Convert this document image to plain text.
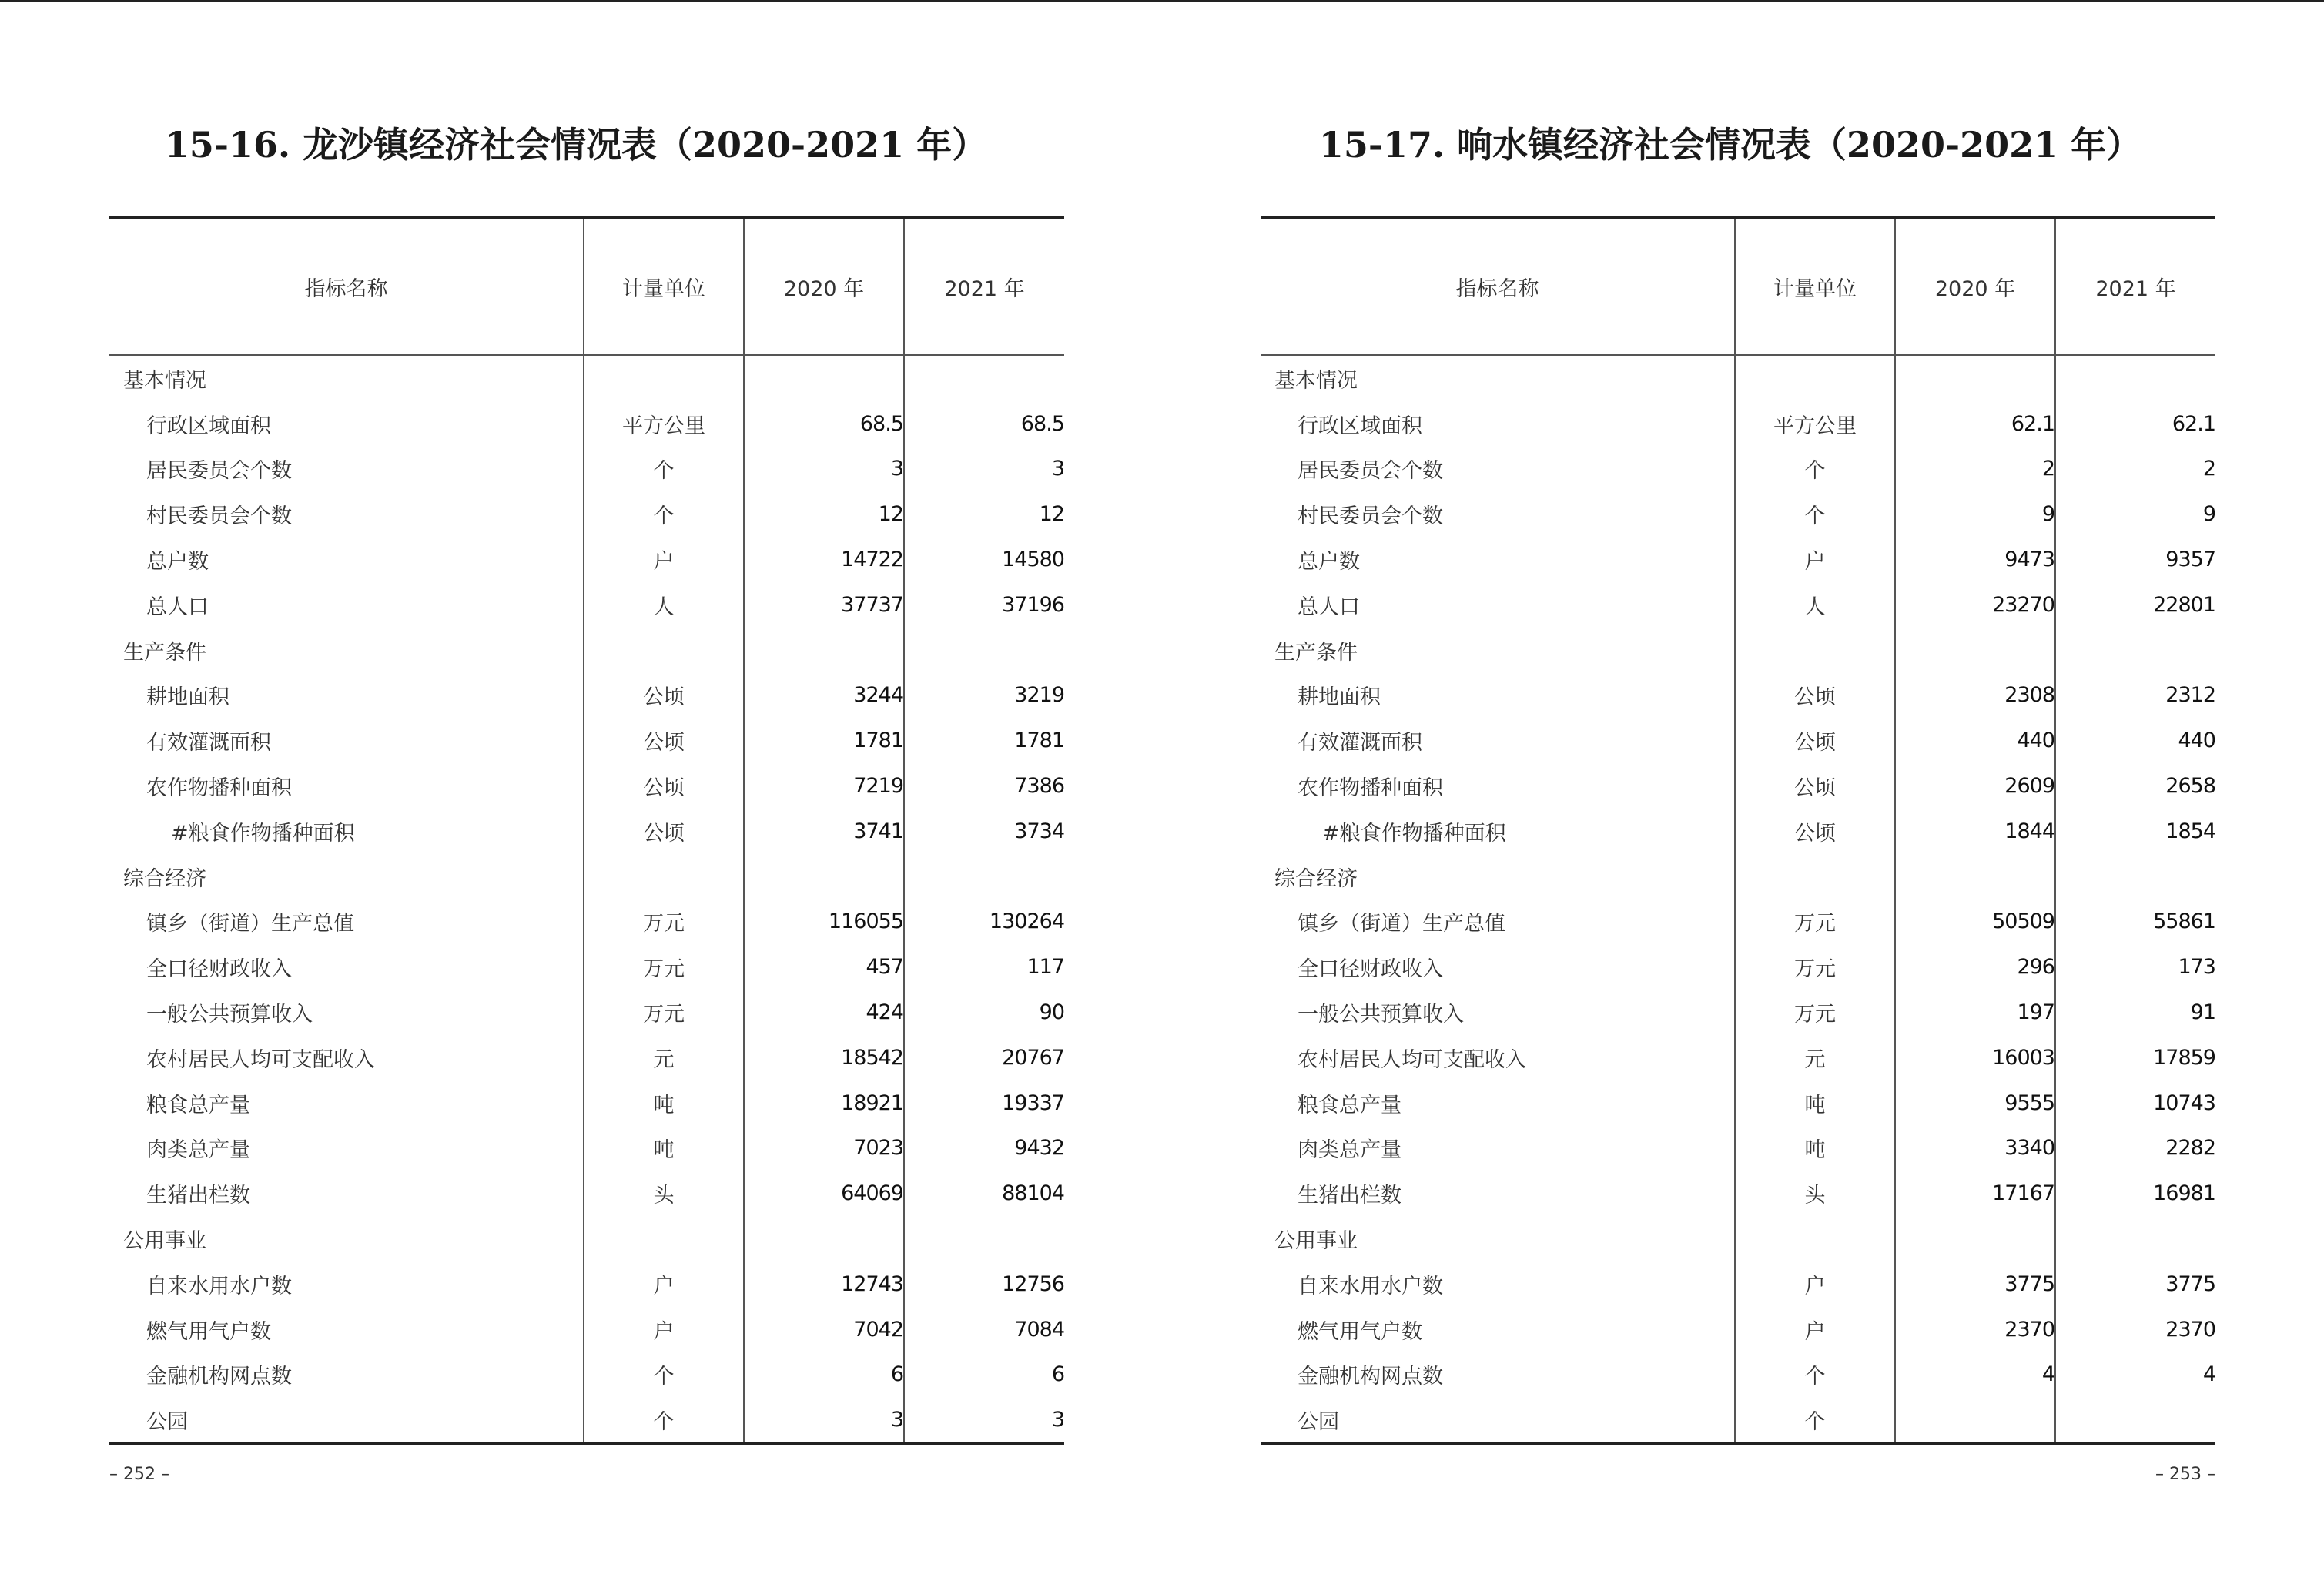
15-16. 龙沙镇经济社会情况表（2020-2021 年）
指标名称	计量单位	2020 年	2021 年
基本情况			
行政区域面积	平方公里	68.5	68.5
居民委员会个数	个	3	3
村民委员会个数	个	12	12
总户数	户	14722	14580
总人口	人	37737	37196
生产条件			
耕地面积	公顷	3244	3219
有效灌溉面积	公顷	1781	1781
农作物播种面积	公顷	7219	7386
#粮食作物播种面积	公顷	3741	3734
综合经济			
镇乡（街道）生产总值	万元	116055	130264
全口径财政收入	万元	457	117
一般公共预算收入	万元	424	90
农村居民人均可支配收入	元	18542	20767
粮食总产量	吨	18921	19337
肉类总产量	吨	7023	9432
生猪出栏数	头	64069	88104
公用事业			
自来水用水户数	户	12743	12756
燃气用气户数	户	7042	7084
金融机构网点数	个	6	6
公园	个	3	3
– 252 –
15-17. 响水镇经济社会情况表（2020-2021 年）
指标名称	计量单位	2020 年	2021 年
基本情况			
行政区域面积	平方公里	62.1	62.1
居民委员会个数	个	2	2
村民委员会个数	个	9	9
总户数	户	9473	9357
总人口	人	23270	22801
生产条件			
耕地面积	公顷	2308	2312
有效灌溉面积	公顷	440	440
农作物播种面积	公顷	2609	2658
#粮食作物播种面积	公顷	1844	1854
综合经济			
镇乡（街道）生产总值	万元	50509	55861
全口径财政收入	万元	296	173
一般公共预算收入	万元	197	91
农村居民人均可支配收入	元	16003	17859
粮食总产量	吨	9555	10743
肉类总产量	吨	3340	2282
生猪出栏数	头	17167	16981
公用事业			
自来水用水户数	户	3775	3775
燃气用气户数	户	2370	2370
金融机构网点数	个	4	4
公园	个		
– 253 –
